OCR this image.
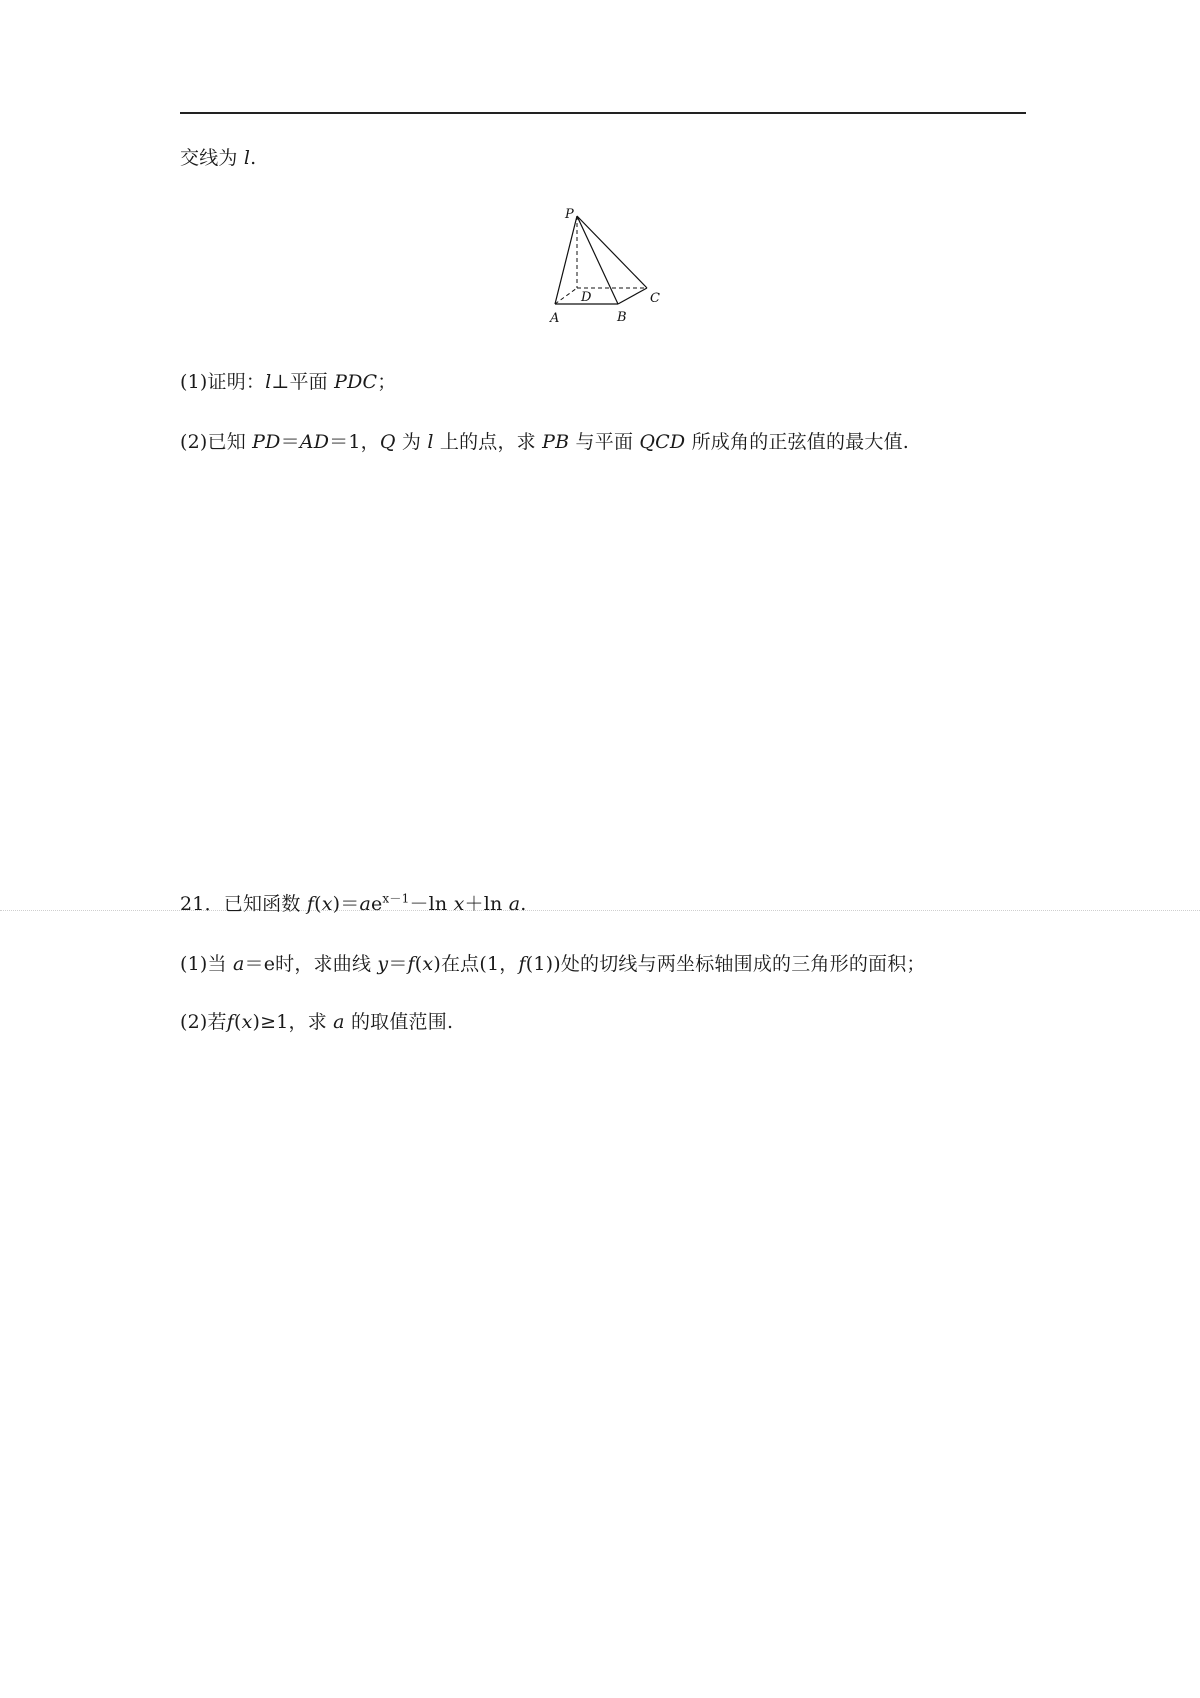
交线为 l.
P
D	C
A	B
(1)证明：l⊥平面 PDC；
(2)已知 PD＝AD＝1，Q 为 l 上的点，求 PB 与平面 QCD 所成角的正弦值的最大值.
21．已知函数 $f(x)=ae^{x-1}-\ln$ x＋ln a.
(1)当 a＝e时，求曲线 y＝f(x)在点(1，f(1))处的切线与两坐标轴围成的三角形的面积；
(2)若f(x)≥1，求 a 的取值范围.
